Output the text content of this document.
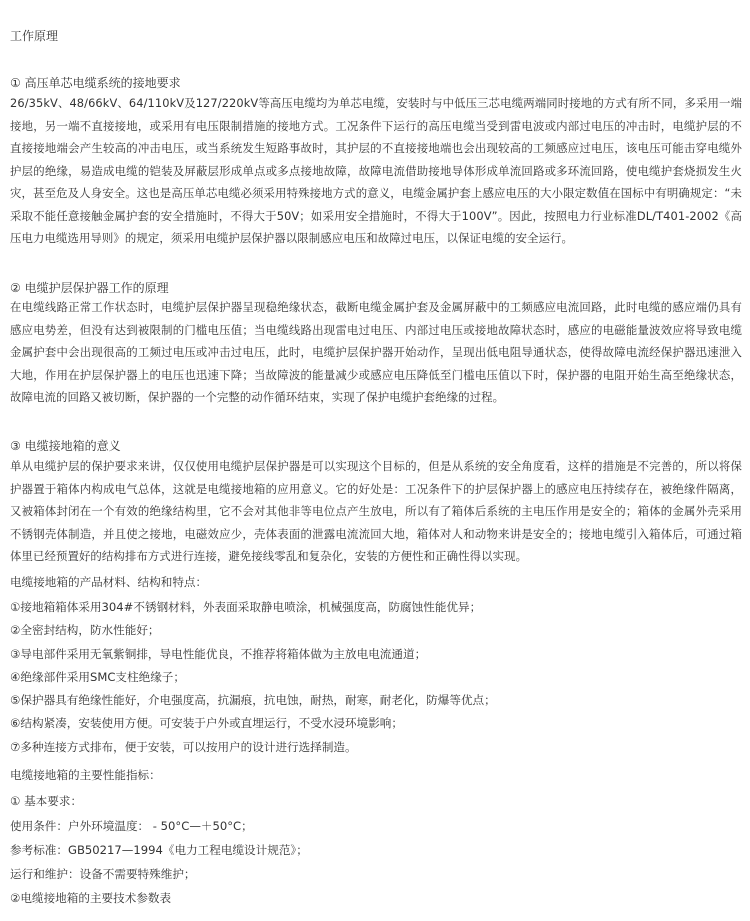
工作原理
① 高压单芯电缆系统的接地要求
26/35kV、48/66kV、64/110kV及127/220kV等高压电缆均为单芯电缆，安装时与中低压三芯电缆两端同时接地的方式有所不同，多采用一端接地，另一端不直接接地，或采用有电压限制措施的接地方式。工况条件下运行的高压电缆当受到雷电波或内部过电压的冲击时，电缆护层的不直接接地端会产生较高的冲击电压，或当系统发生短路事故时，其护层的不直接接地端也会出现较高的工频感应过电压，该电压可能击穿电缆外护层的绝缘，易造成电缆的铠装及屏蔽层形成单点或多点接地故障，故障电流借助接地导体形成单流回路或多环流回路，使电缆护套烧损发生火灾，甚至危及人身安全。这也是高压单芯电缆必须采用特殊接地方式的意义，电缆金属护套上感应电压的大小限定数值在国标中有明确规定：“未采取不能任意接触金属护套的安全措施时，不得大于50V；如采用安全措施时，不得大于100V”。因此，按照电力行业标准DL/T401-2002《高压电力电缆选用导则》的规定，须采用电缆护层保护器以限制感应电压和故障过电压，以保证电缆的安全运行。
② 电缆护层保护器工作的原理
在电缆线路正常工作状态时，电缆护层保护器呈现稳绝缘状态，截断电缆金属护套及金属屏蔽中的工频感应电流回路，此时电缆的感应端仍具有感应电势差，但没有达到被限制的门槛电压值；当电缆线路出现雷电过电压、内部过电压或接地故障状态时，感应的电磁能量波效应将导致电缆金属护套中会出现很高的工频过电压或冲击过电压，此时，电缆护层保护器开始动作，呈现出低电阻导通状态，使得故障电流经保护器迅速泄入大地，作用在护层保护器上的电压也迅速下降；当故障波的能量减少或感应电压降低至门槛电压值以下时，保护器的电阻开始生高至绝缘状态，故障电流的回路又被切断，保护器的一个完整的动作循环结束，实现了保护电缆护套绝缘的过程。
③ 电缆接地箱的意义
单从电缆护层的保护要求来讲，仅仅使用电缆护层保护器是可以实现这个目标的，但是从系统的安全角度看，这样的措施是不完善的，所以将保护器置于箱体内构成电气总体，这就是电缆接地箱的应用意义。它的好处是：工况条件下的护层保护器上的感应电压持续存在，被绝缘件隔离，又被箱体封闭在一个有效的绝缘结构里，它不会对其他非等电位点产生放电，所以有了箱体后系统的主电压作用是安全的；箱体的金属外壳采用不锈钢壳体制造，并且使之接地，电磁效应少，壳体表面的泄露电流流回大地，箱体对人和动物来讲是安全的；接地电缆引入箱体后，可通过箱体里已经预置好的结构排布方式进行连接，避免接线零乱和复杂化，安装的方便性和正确性得以实现。
电缆接地箱的产品材料、结构和特点：
①接地箱箱体采用304#不锈钢材料，外表面采取静电喷涂，机械强度高，防腐蚀性能优异；
②全密封结构，防水性能好；
③导电部件采用无氧紫铜排，导电性能优良，不推荐将箱体做为主放电电流通道；
④绝缘部件采用SMC支柱绝缘子；
⑤保护器具有绝缘性能好，介电强度高，抗漏痕，抗电蚀，耐热，耐寒，耐老化，防爆等优点；
⑥结构紧凑，安装使用方便。可安装于户外或直埋运行，不受水浸环境影响；
⑦多种连接方式排布，便于安装，可以按用户的设计进行选择制造。
电缆接地箱的主要性能指标：
① 基本要求：
使用条件：户外环境温度： - 50°C—＋50°C；
参考标准：GB50217—1994《电力工程电缆设计规范》；
运行和维护：设备不需要特殊维护；
②电缆接地箱的主要技术参数表
